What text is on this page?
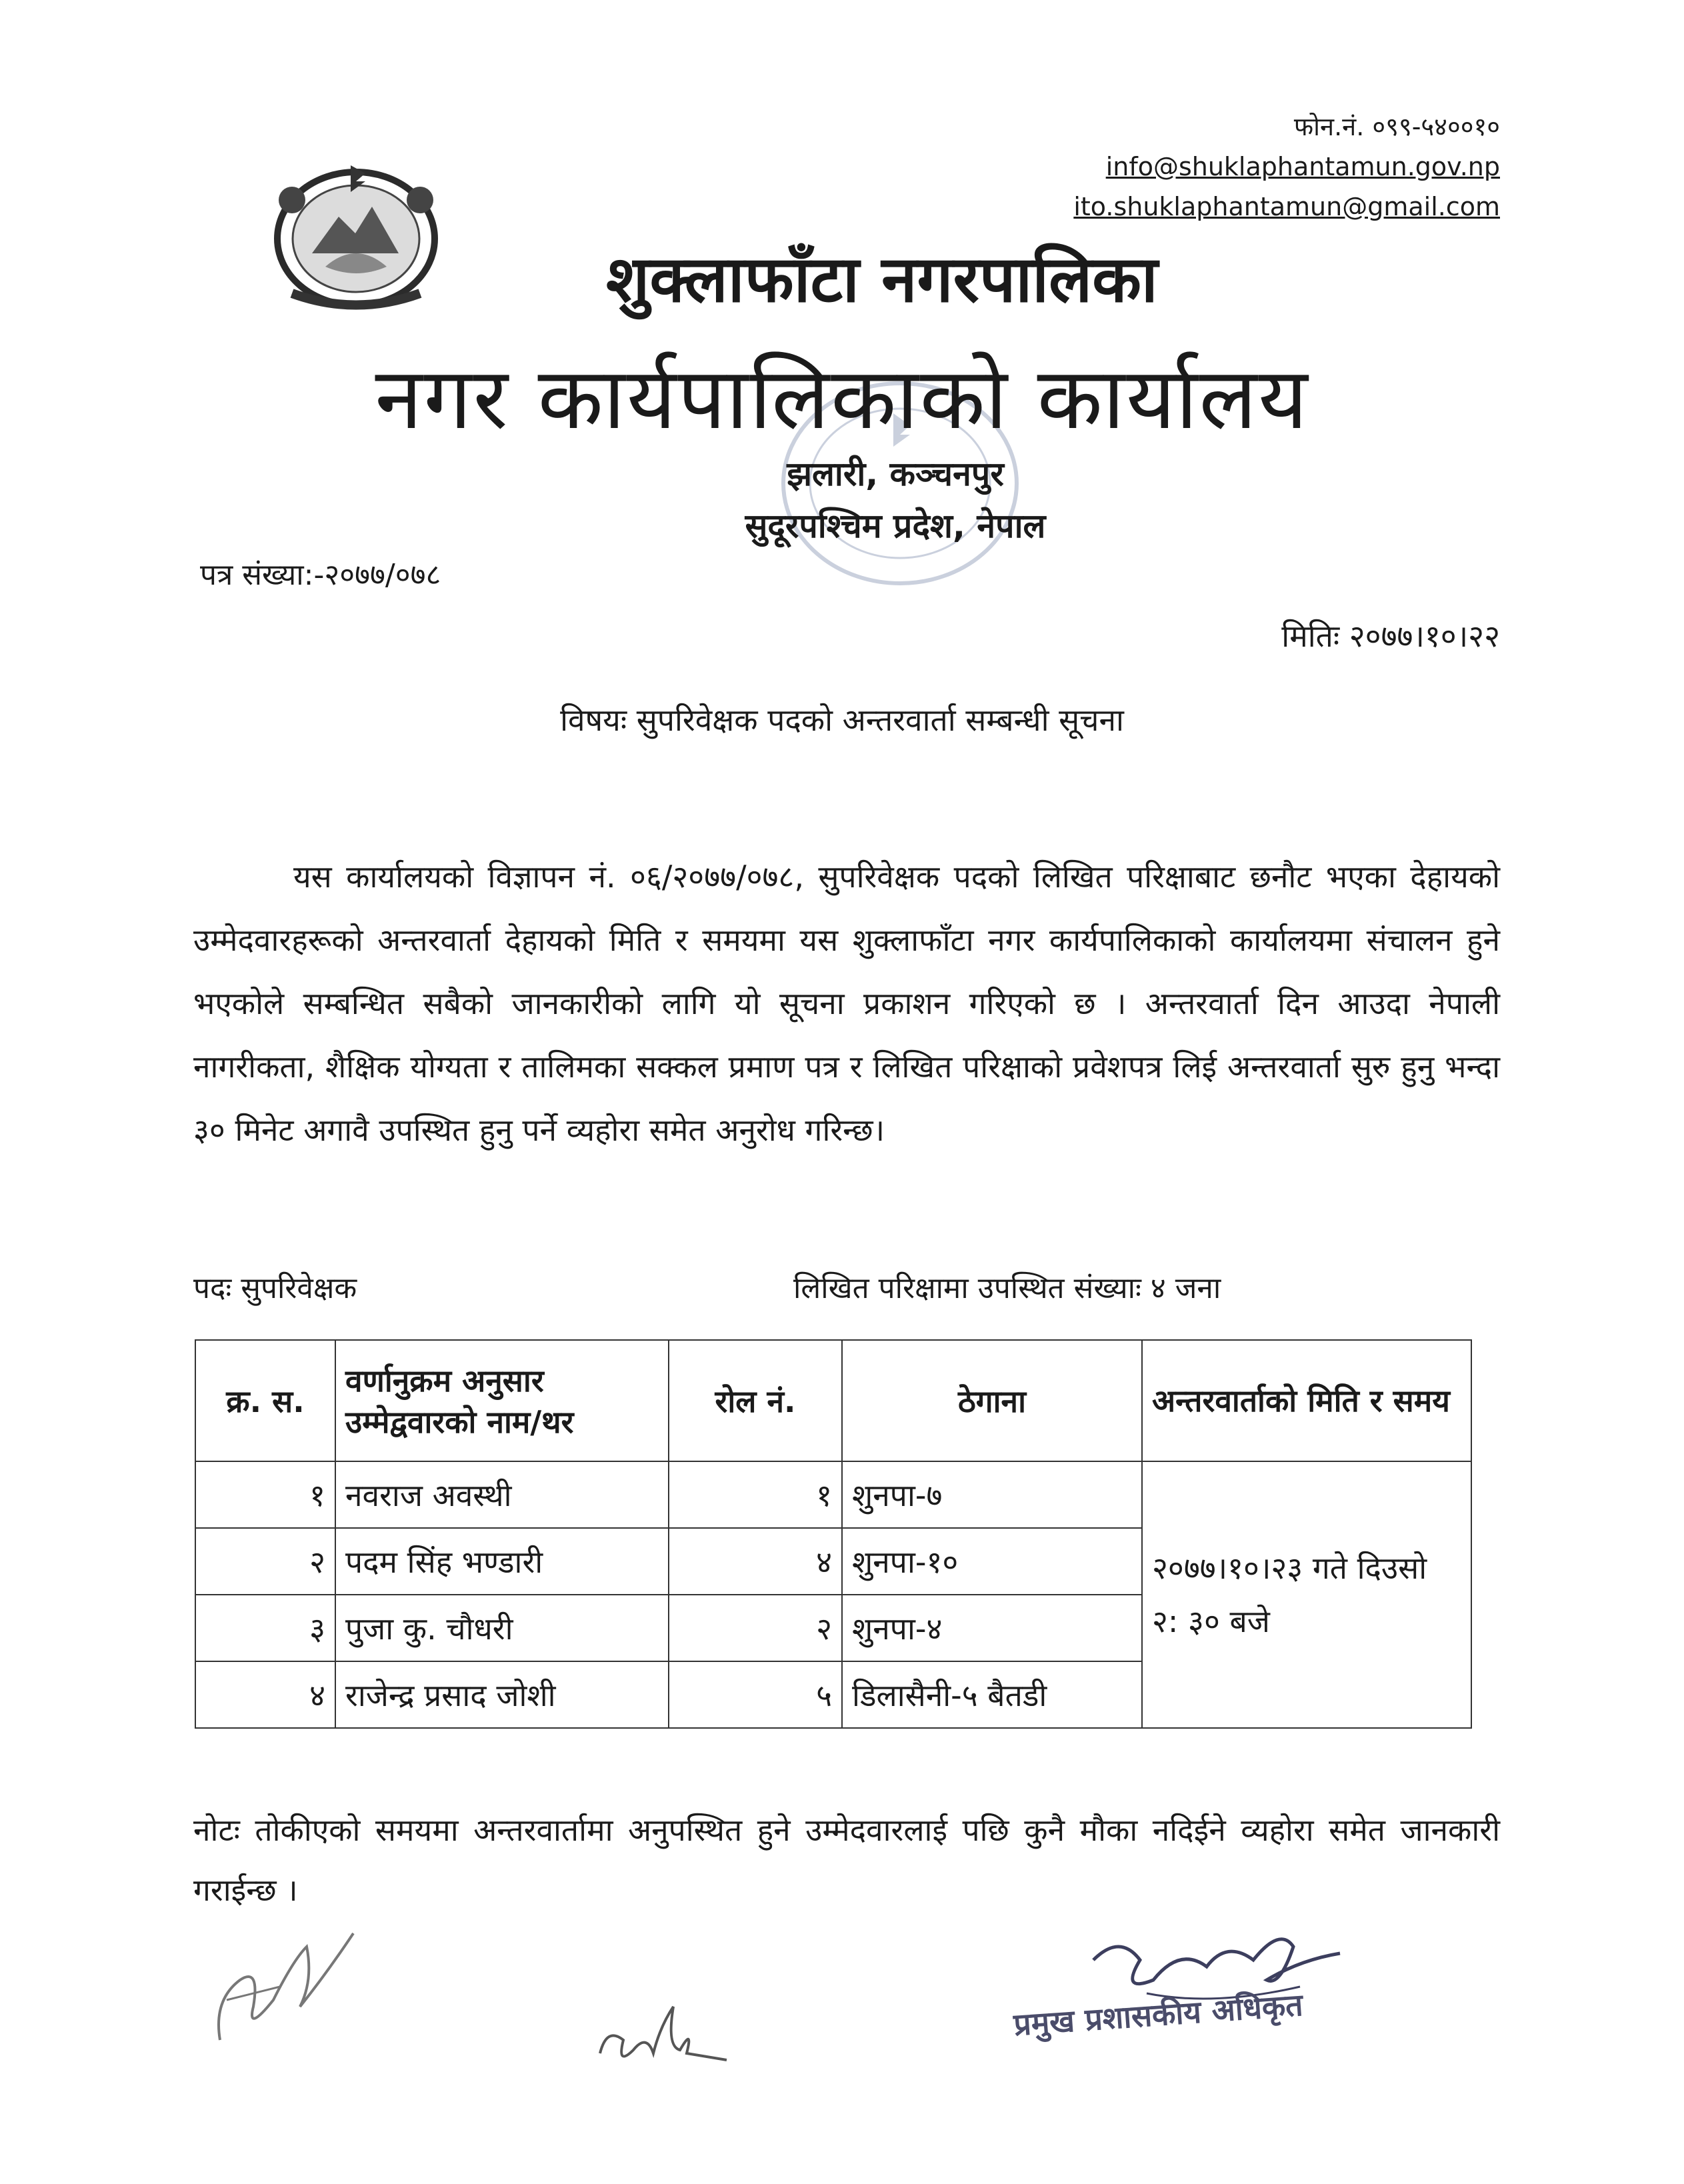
फोन.नं. ०९९-५४००१०
info@shuklaphantamun.gov.np
ito.shuklaphantamun@gmail.com
शुक्लाफाँटा नगरपालिका
नगर कार्यपालिकाको कार्यालय
झलारी, कञ्चनपुर
सुदूरपश्चिम प्रदेश, नेपाल
पत्र संख्या:-२०७७/०७८
मितिः २०७७।१०।२२
विषयः सुपरिवेक्षक पदको अन्तरवार्ता सम्बन्धी सूचना
यस कार्यालयको विज्ञापन नं. ०६/२०७७/०७८, सुपरिवेक्षक पदको लिखित परिक्षाबाट छनौट भएका देहायको उम्मेदवारहरूको अन्तरवार्ता देहायको मिति र समयमा यस शुक्लाफाँटा नगर कार्यपालिकाको कार्यालयमा संचालन हुने भएकोले सम्बन्धित सबैको जानकारीको लागि यो सूचना प्रकाशन गरिएको छ । अन्तरवार्ता दिन आउदा नेपाली नागरीकता, शैक्षिक योग्यता र तालिमका सक्कल प्रमाण पत्र र लिखित परिक्षाको प्रवेशपत्र लिई अन्तरवार्ता सुरु हुनु भन्दा ३० मिनेट अगावै उपस्थित हुनु पर्ने व्यहोरा समेत अनुरोध गरिन्छ।
पदः सुपरिवेक्षक	लिखित परिक्षामा उपस्थित संख्याः ४ जना
क्र. स.	वर्णानुक्रम अनुसार उम्मेद्ववारको नाम/थर	रोल नं.	ठेगाना	अन्तरवार्ताको मिति र समय
१	नवराज अवस्थी	१	शुनपा-७	२०७७।१०।२३ गते दिउसो २: ३० बजे
२	पदम सिंह भण्डारी	४	शुनपा-१०	
३	पुजा कु. चौधरी	२	शुनपा-४	
४	राजेन्द्र प्रसाद जोशी	५	डिलासैनी-५ बैतडी	
नोटः तोकीएको समयमा अन्तरवार्तामा अनुपस्थित हुने उम्मेदवारलाई पछि कुनै मौका नदिईने व्यहोरा समेत जानकारी गराईन्छ ।
प्रमुख प्रशासकीय अधिकृत
